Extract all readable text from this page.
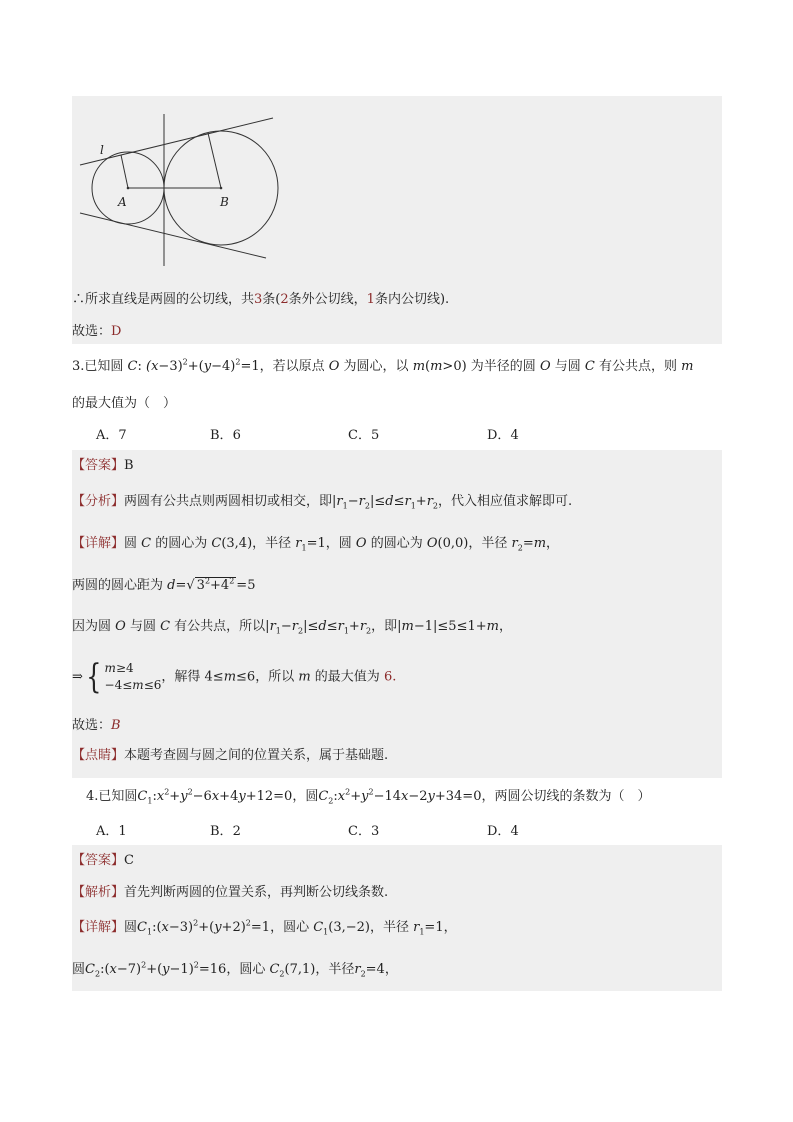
l
A	B
∴所求直线是两圆的公切线，共3条(2条外公切线，1条内公切线).
故选：D
3.已知圆 C: $(x-3)^2+(y-4)^2=1$，若以原点 O 为圆心，以 m(m>0) 为半径的圆 O 与圆 C 有公共点，则 m
的最大值为（　）
A．7	B．6	C．5	D．4
【答案】B
【分析】两圆有公共点则两圆相切或相交，即$|r_1-r_2|\le d\le r_1+r_2$，代入相应值求解即可.
【详解】圆 C 的圆心为 C(3,4)，半径 $r_1=1$，圆 O 的圆心为 O(0,0)，半径 $r_2=m$，
两圆的圆心距为 d=√ $3^2+4^2 =5$
因为圆 O 与圆 C 有公共点，所以$|r_1-r_2|\le d\le r_1+r_2$，即|m−1|≤5≤1+m，
⇒ { m≥4
−4≤m≤6
，解得 4≤m≤6，所以 m 的最大值为 6.
故选：B
【点睛】本题考查圆与圆之间的位置关系，属于基础题.
4.已知圆$C_1:x^2+y^2-6x+4y+12=0$，圆$C_2:x^2+y^2-14x-2y+34=0$，两圆公切线的条数为（　）
A．1	B．2	C．3	D．4
【答案】C
【解析】首先判断两圆的位置关系，再判断公切线条数.
【详解】圆$C_1:(x-3)^2+(y+2)^2=1$，圆心 $C_1(3,-2)$，半径 $r_1=1$，
圆$C_2:(x-7)^2+(y-1)^2=16$，圆心 $C_2(7,1)$，半径$r_2=4$，
